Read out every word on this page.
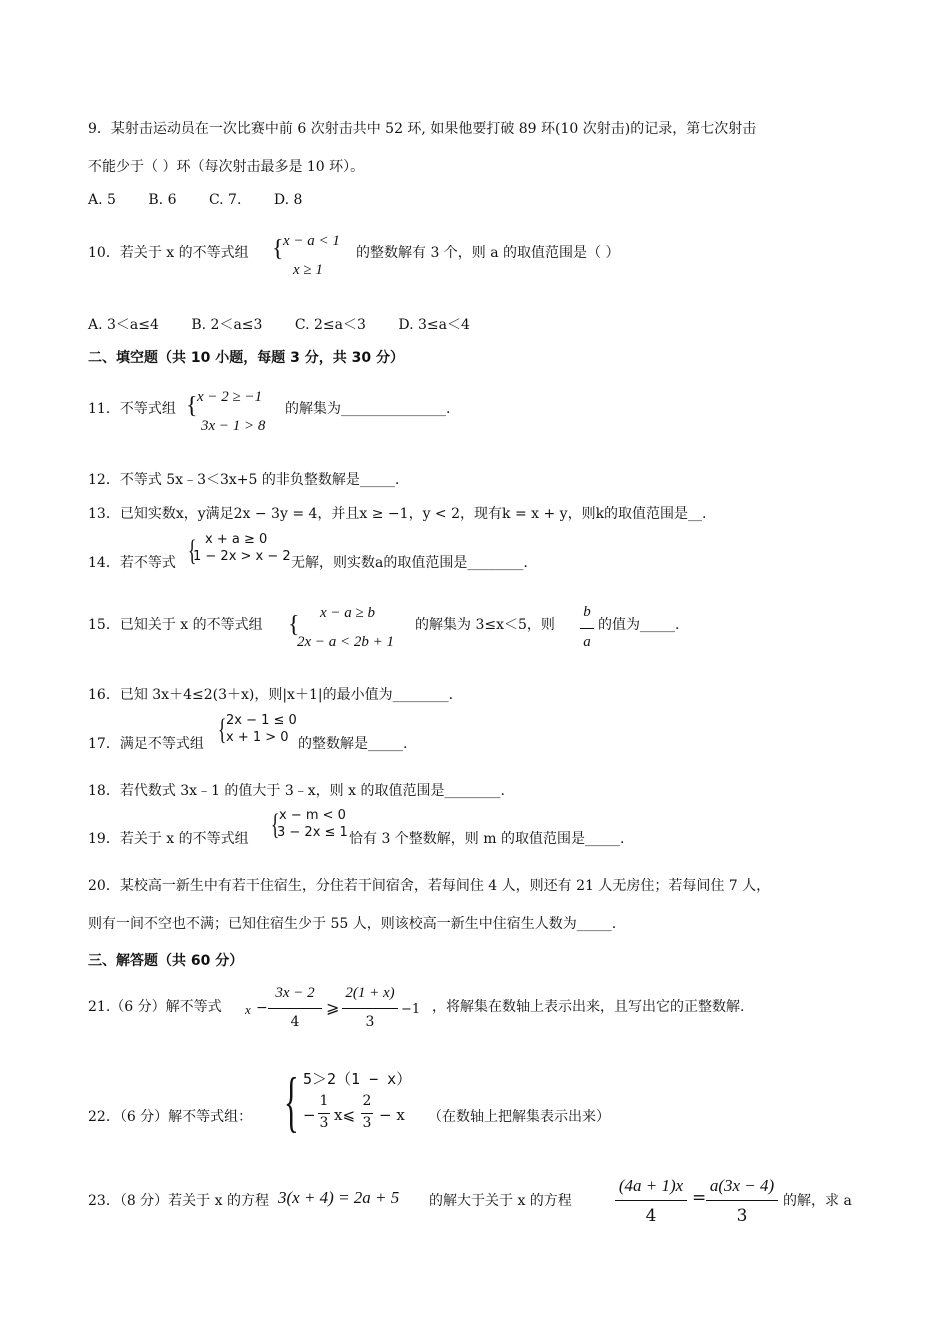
9．某射击运动员在一次比赛中前 6 次射击共中 52 环, 如果他要打破 89 环(10 次射击)的记录，第七次射击
不能少于（ ）环（每次射击最多是 10 环）。
A. 5 B. 6 C. 7. D. 8
10．若关于 x 的不等式组 { x − a < 1
x ≥ 1
的整数解有 3 个，则 a 的取值范围是（ ）
A. 3＜a≤4 B. 2＜a≤3 C. 2≤a＜3 D. 3≤a＜4
二、填空题（共 10 小题，每题 3 分，共 30 分）
11．不等式组 { x − 2 ≥ −1
3x − 1 > 8
的解集为_______________.
12．不等式 5x﹣3＜3x+5 的非负整数解是_____.
13．已知实数x，y满足2x − 3y = 4，并且x ≥ −1，y < 2，现有k = x + y，则k的取值范围是__.
14．若不等式 { x + a ≥ 0
1 − 2x > x − 2 无解，则实数a的取值范围是________.
15．已知关于 x 的不等式组 { x − a ≥ b
2x − a < 2b + 1
的解集为 3≤x＜5，则
b
a
的值为_____.
16．已知 3x＋4≤2(3＋x)，则|x＋1|的最小值为________.
17．满足不等式组 { 2x − 1 ≤ 0
x + 1 > 0 的整数解是_____.
18．若代数式 3x﹣1 的值大于 3﹣x，则 x 的取值范围是________.
19．若关于 x 的不等式组 { x − m < 0
3 − 2x ≤ 1 恰有 3 个整数解，则 m 的取值范围是_____.
20．某校高一新生中有若干住宿生，分住若干间宿舍，若每间住 4 人，则还有 21 人无房住；若每间住 7 人，
则有一间不空也不满；已知住宿生少于 55 人，则该校高一新生中住宿生人数为_____.
三、解答题（共 60 分）
21.（6 分）解不等式 x −
3x − 2
4
⩾
2(1 + x)
3
−1 ，将解集在数轴上表示出来，且写出它的正整数解.
22．（6 分）解不等式组： { 5＞2（1 − x）
−
1
3 x⩽
2
3 − x （在数轴上把解集表示出来）
23．（8 分）若关于 x 的方程 3(x + 4) = 2a + 5 的解大于关于 x 的方程
(4a + 1)x
4
=
a(3x − 4)
3
的解，求 a
